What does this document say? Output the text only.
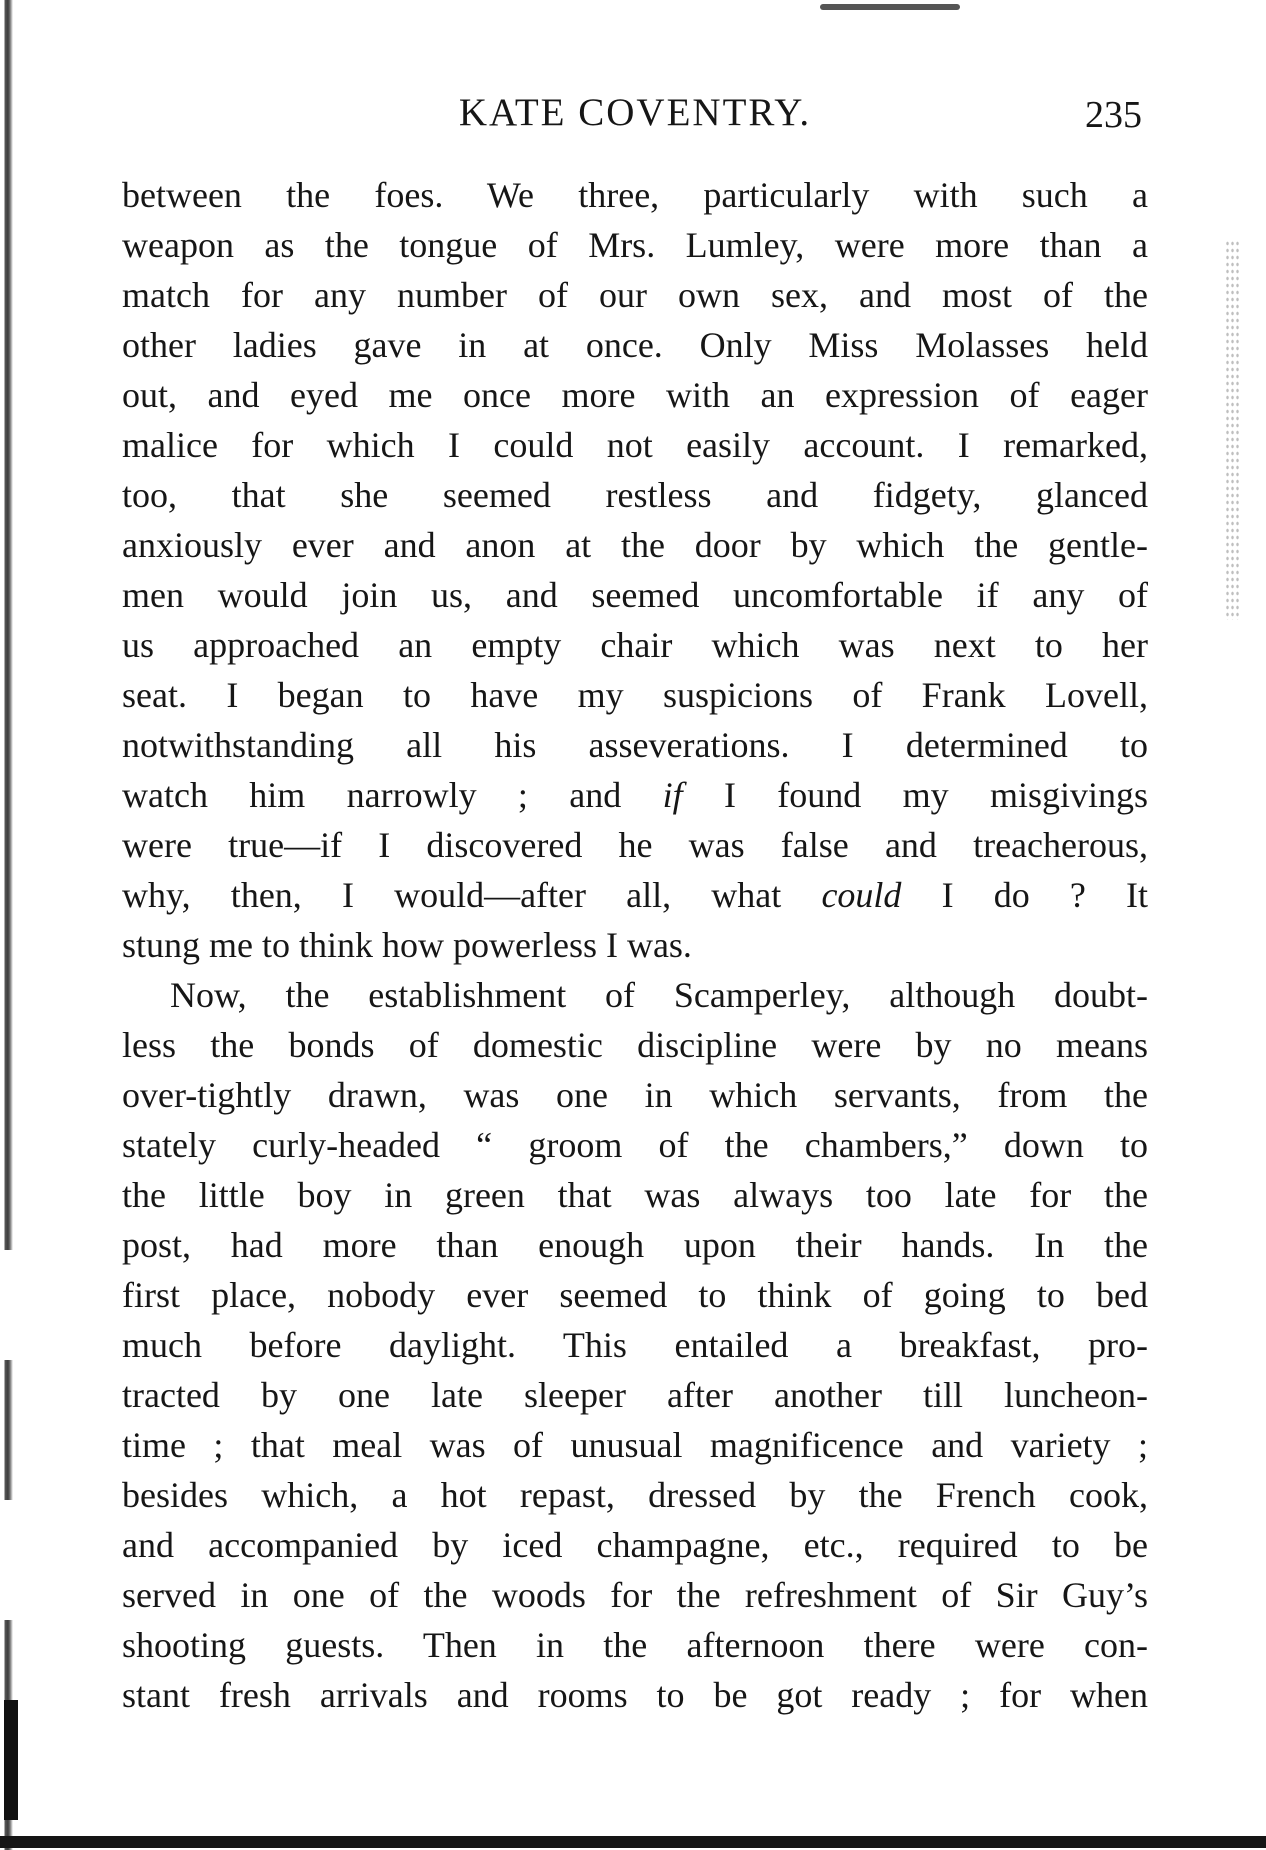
KATE COVENTRY.	235
between the foes. We three, particularly with such a
weapon as the tongue of Mrs. Lumley, were more than a
match for any number of our own sex, and most of the
other ladies gave in at once. Only Miss Molasses held
out, and eyed me once more with an expression of eager
malice for which I could not easily account. I remarked,
too, that she seemed restless and fidgety, glanced
anxiously ever and anon at the door by which the gentle-
men would join us, and seemed uncomfortable if any of
us approached an empty chair which was next to her
seat. I began to have my suspicions of Frank Lovell,
notwithstanding all his asseverations. I determined to
watch him narrowly ; and if I found my misgivings
were true—if I discovered he was false and treacherous,
why, then, I would—after all, what could I do ? It
stung me to think how powerless I was.
Now, the establishment of Scamperley, although doubt-
less the bonds of domestic discipline were by no means
over-tightly drawn, was one in which servants, from the
stately curly-headed “ groom of the chambers,” down to
the little boy in green that was always too late for the
post, had more than enough upon their hands. In the
first place, nobody ever seemed to think of going to bed
much before daylight. This entailed a breakfast, pro-
tracted by one late sleeper after another till luncheon-
time ; that meal was of unusual magnificence and variety ;
besides which, a hot repast, dressed by the French cook,
and accompanied by iced champagne, etc., required to be
served in one of the woods for the refreshment of Sir Guy’s
shooting guests. Then in the afternoon there were con-
stant fresh arrivals and rooms to be got ready ; for when
